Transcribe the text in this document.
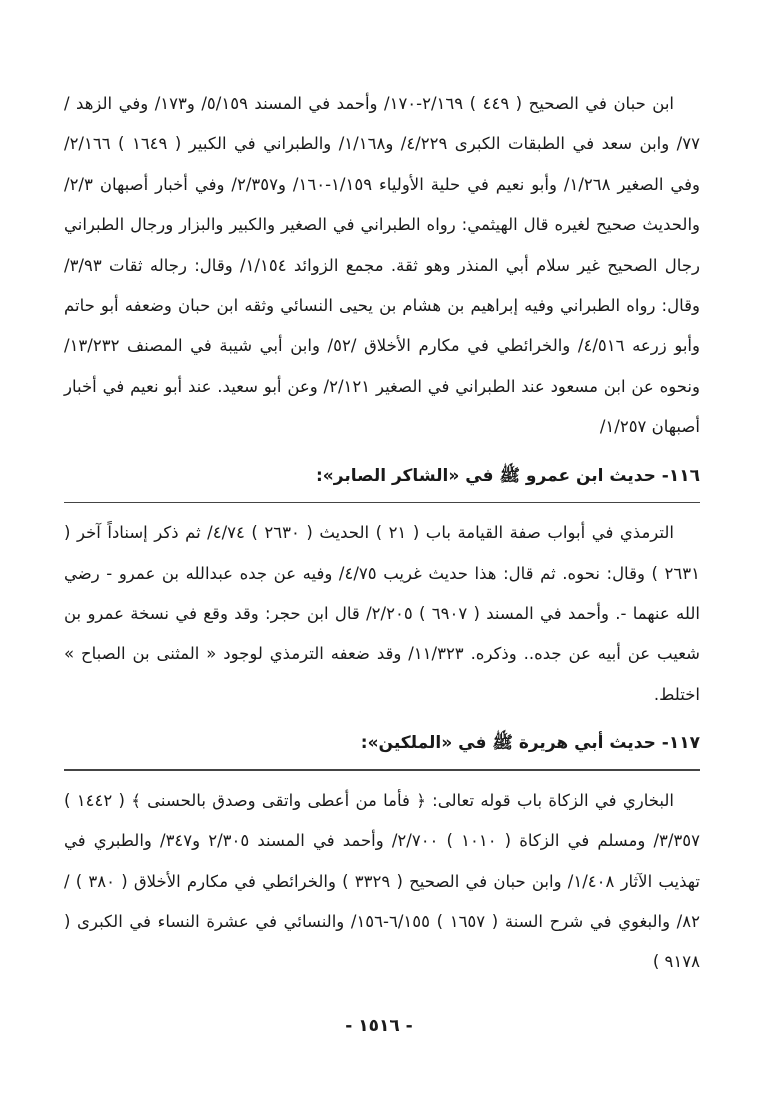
ابن حبان في الصحيح ( ٤٤٩ ) ٢/١٦٩-١٧٠/ وأحمد في المسند ٥/١٥٩/ و١٧٣/ وفي الزهد /٧٧/ وابن سعد في الطبقات الكبرى ٤/٢٢٩/ و١/١٦٨/ والطبراني في الكبير ( ١٦٤٩ ) ٢/١٦٦/ وفي الصغير ١/٢٦٨/ وأبو نعيم في حلية الأولياء ١/١٥٩-١٦٠/ و٢/٣٥٧/ وفي أخبار أصبهان ٢/٣/ والحديث صحيح لغيره قال الهيثمي: رواه الطبراني في الصغير والكبير والبزار ورجال الطبراني رجال الصحيح غير سلام أبي المنذر وهو ثقة. مجمع الزوائد ١/١٥٤/ وقال: رجاله ثقات ٣/٩٣/ وقال: رواه الطبراني وفيه إبراهيم بن هشام بن يحيى النسائي وثقه ابن حبان وضعفه أبو حاتم وأبو زرعه ٤/٥١٦/ والخرائطي في مكارم الأخلاق /٥٢/ وابن أبي شيبة في المصنف ١٣/٢٣٢/ ونحوه عن ابن مسعود عند الطبراني في الصغير ٢/١٢١/ وعن أبو سعيد. عند أبو نعيم في أخبار أصبهان ١/٢٥٧/

١١٦- حديث ابن عمرو ﷺ في «الشاكر الصابر»:

الترمذي في أبواب صفة القيامة باب ( ٢١ ) الحديث ( ٢٦٣٠ ) ٤/٧٤/ ثم ذكر إسناداً آخر ( ٢٦٣١ ) وقال: نحوه. ثم قال: هذا حديث غريب ٤/٧٥/ وفيه عن جده عبدالله بن عمرو - رضي الله عنهما -. وأحمد في المسند ( ٦٩٠٧ ) ٢/٢٠٥/ قال ابن حجر: وقد وقع في نسخة عمرو بن شعيب عن أبيه عن جده.. وذكره. ١١/٣٢٣/ وقد ضعفه الترمذي لوجود « المثنى بن الصباح » اختلط.

١١٧- حديث أبي هريرة ﷺ في «الملكين»:

البخاري في الزكاة باب قوله تعالى: ﴿ فأما من أعطى واتقى وصدق بالحسنى ﴾ ( ١٤٤٢ ) ٣/٣٥٧/ ومسلم في الزكاة ( ١٠١٠ ) ٢/٧٠٠/ وأحمد في المسند ٢/٣٠٥ و٣٤٧/ والطبري في تهذيب الآثار ١/٤٠٨/ وابن حبان في الصحيح ( ٣٣٢٩ ) والخرائطي في مكارم الأخلاق ( ٣٨٠ ) /٨٢/ والبغوي في شرح السنة ( ١٦٥٧ ) ٦/١٥٥-١٥٦/ والنسائي في عشرة النساء في الكبرى ( ٩١٧٨ )

- ١٥١٦ -
